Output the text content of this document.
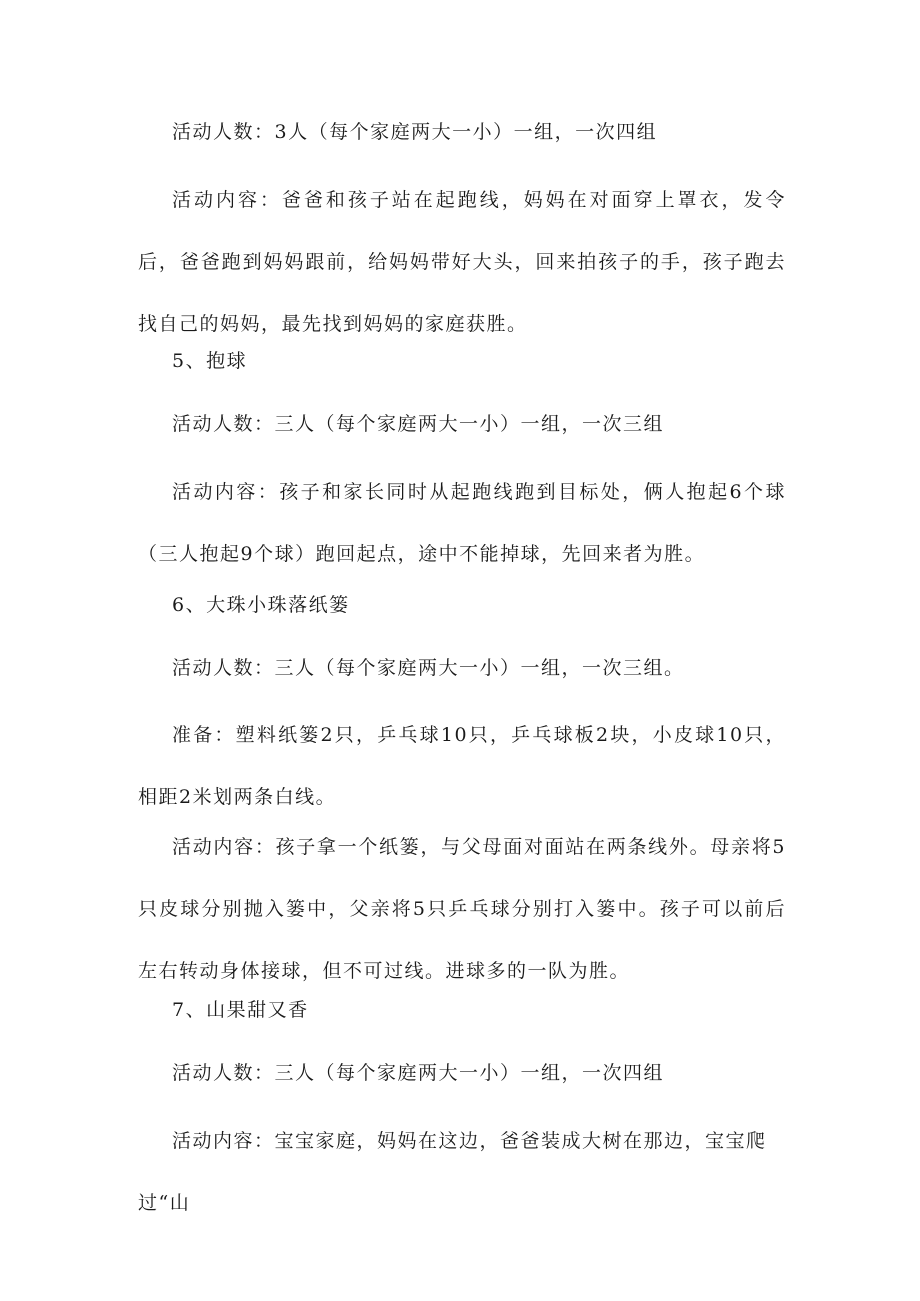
活动人数：3人（每个家庭两大一小）一组，一次四组

活动内容：爸爸和孩子站在起跑线，妈妈在对面穿上罩衣，发令后，爸爸跑到妈妈跟前，给妈妈带好大头，回来拍孩子的手，孩子跑去找自己的妈妈，最先找到妈妈的家庭获胜。

5、抱球

活动人数：三人（每个家庭两大一小）一组，一次三组

活动内容：孩子和家长同时从起跑线跑到目标处，俩人抱起6个球（三人抱起9个球）跑回起点，途中不能掉球，先回来者为胜。

6、大珠小珠落纸篓

活动人数：三人（每个家庭两大一小）一组，一次三组。

准备：塑料纸篓2只，乒乓球10只，乒乓球板2块，小皮球10只，相距2米划两条白线。

活动内容：孩子拿一个纸篓，与父母面对面站在两条线外。母亲将5只皮球分别抛入篓中，父亲将5只乒乓球分别打入篓中。孩子可以前后左右转动身体接球，但不可过线。进球多的一队为胜。

7、山果甜又香

活动人数：三人（每个家庭两大一小）一组，一次四组

活动内容：宝宝家庭，妈妈在这边，爸爸装成大树在那边，宝宝爬过“山
